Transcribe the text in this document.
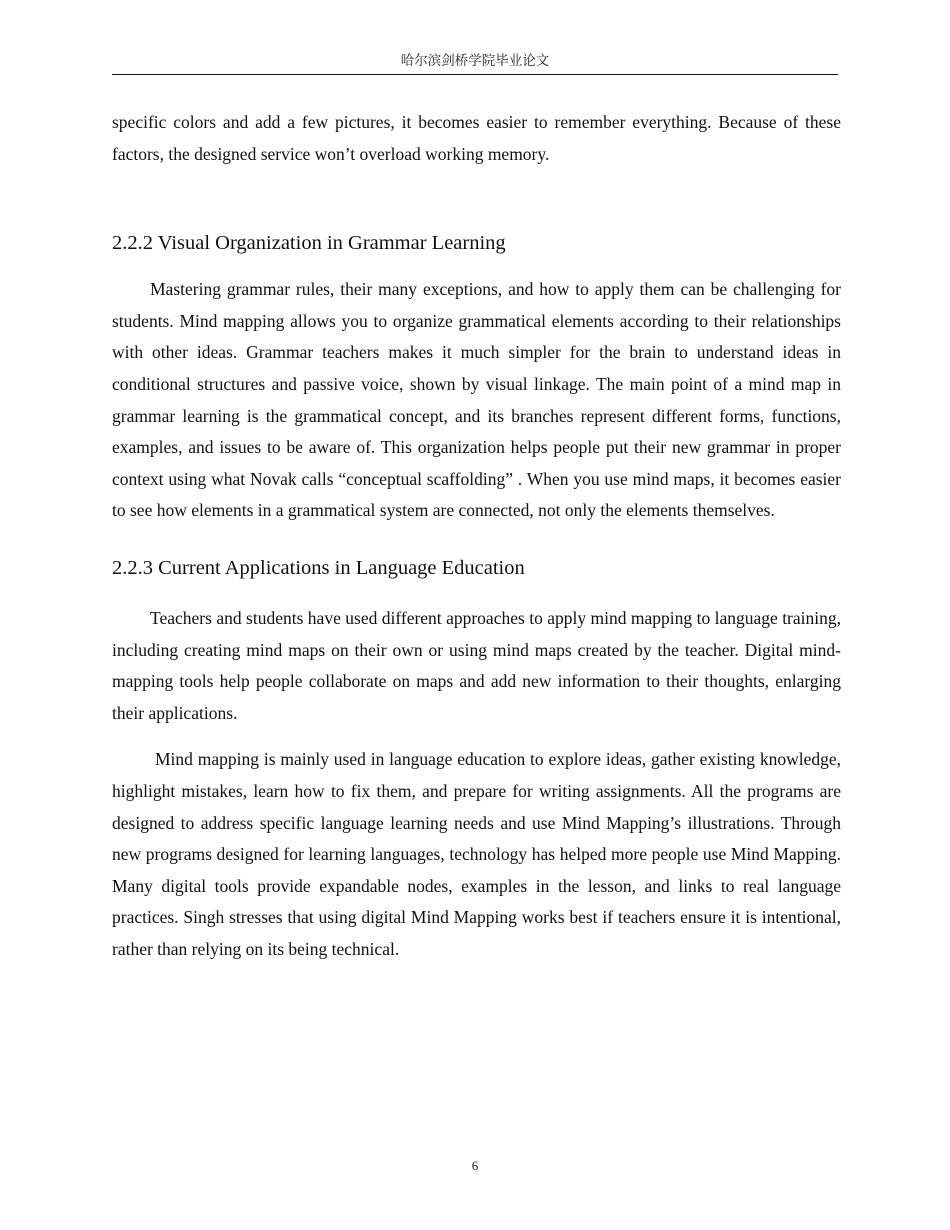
哈尔滨剑桥学院毕业论文

specific colors and add a few pictures, it becomes easier to remember everything. Because of these factors, the designed service won’t overload working memory.

2.2.2 Visual Organization in Grammar Learning

Mastering grammar rules, their many exceptions, and how to apply them can be challenging for students. Mind mapping allows you to organize grammatical elements according to their relationships with other ideas. Grammar teachers makes it much simpler for the brain to understand ideas in conditional structures and passive voice, shown by visual linkage. The main point of a mind map in grammar learning is the grammatical concept, and its branches represent different forms, functions, examples, and issues to be aware of. This organization helps people put their new grammar in proper context using what Novak calls “conceptual scaffolding” . When you use mind maps, it becomes easier to see how elements in a grammatical system are connected, not only the elements themselves.

2.2.3 Current Applications in Language Education

Teachers and students have used different approaches to apply mind mapping to language training, including creating mind maps on their own or using mind maps created by the teacher. Digital mind-mapping tools help people collaborate on maps and add new information to their thoughts, enlarging their applications.

Mind mapping is mainly used in language education to explore ideas, gather existing knowledge, highlight mistakes, learn how to fix them, and prepare for writing assignments. All the programs are designed to address specific language learning needs and use Mind Mapping’s illustrations. Through new programs designed for learning languages, technology has helped more people use Mind Mapping. Many digital tools provide expandable nodes, examples in the lesson, and links to real language practices. Singh stresses that using digital Mind Mapping works best if teachers ensure it is intentional, rather than relying on its being technical.

6
